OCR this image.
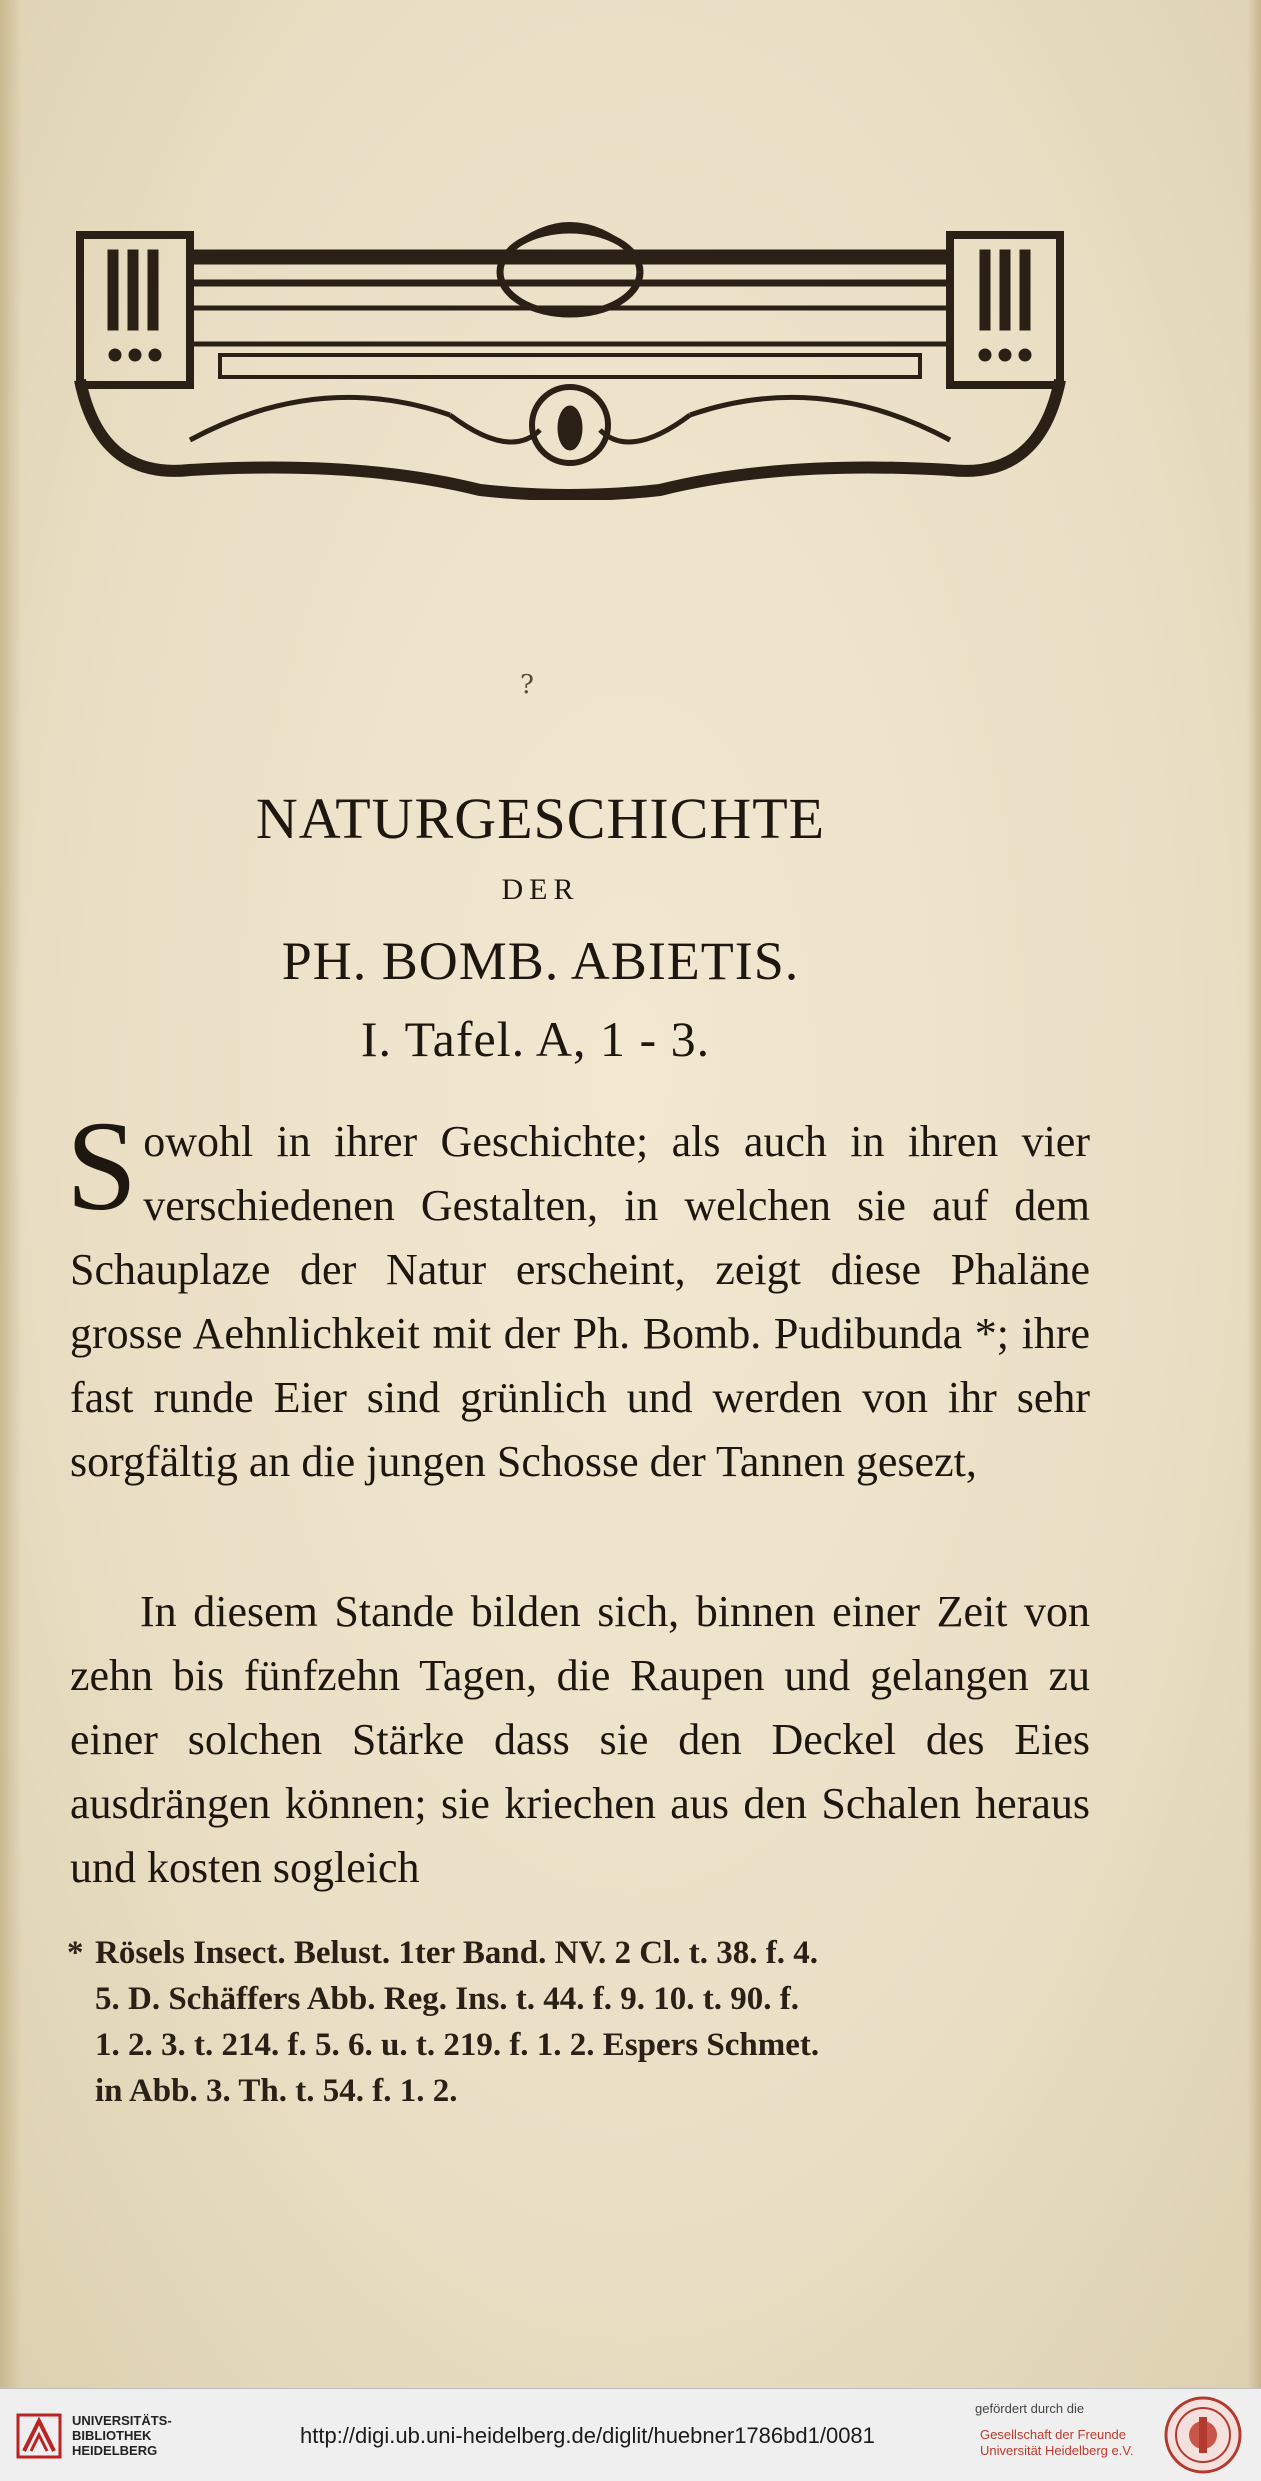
?
NATURGESCHICHTE
DER
PH. BOMB. ABIETIS.
I. Tafel. A, 1 - 3.
Sowohl in ihrer Geschichte; als auch in ihren vier verschiedenen Gestalten, in welchen sie auf dem Schauplaze der Natur erscheint, zeigt diese Phaläne grosse Aehnlichkeit mit der Ph. Bomb. Pudibunda *; ihre fast runde Eier sind grünlich und werden von ihr sehr sorgfältig an die jungen Schosse der Tannen gesezt,
In diesem Stande bilden sich, binnen einer Zeit von zehn bis fünfzehn Tagen, die Raupen und gelangen zu einer solchen Stärke dass sie den Deckel des Eies ausdrängen können; sie kriechen aus den Schalen heraus und kosten sogleich
* Rösels Insect. Belust. 1ter Band. NV. 2 Cl. t. 38. f. 4.
5. D. Schäffers Abb. Reg. Ins. t. 44. f. 9. 10. t. 90. f.
1. 2. 3. t. 214. f. 5. 6. u. t. 219. f. 1. 2. Espers Schmet.
in Abb. 3. Th. t. 54. f. 1. 2.
UNIVERSITÄTS-
BIBLIOTHEK
HEIDELBERG
http://digi.ub.uni-heidelberg.de/diglit/huebner1786bd1/0081
gefördert durch die
Gesellschaft der Freunde
Universität Heidelberg e.V.
